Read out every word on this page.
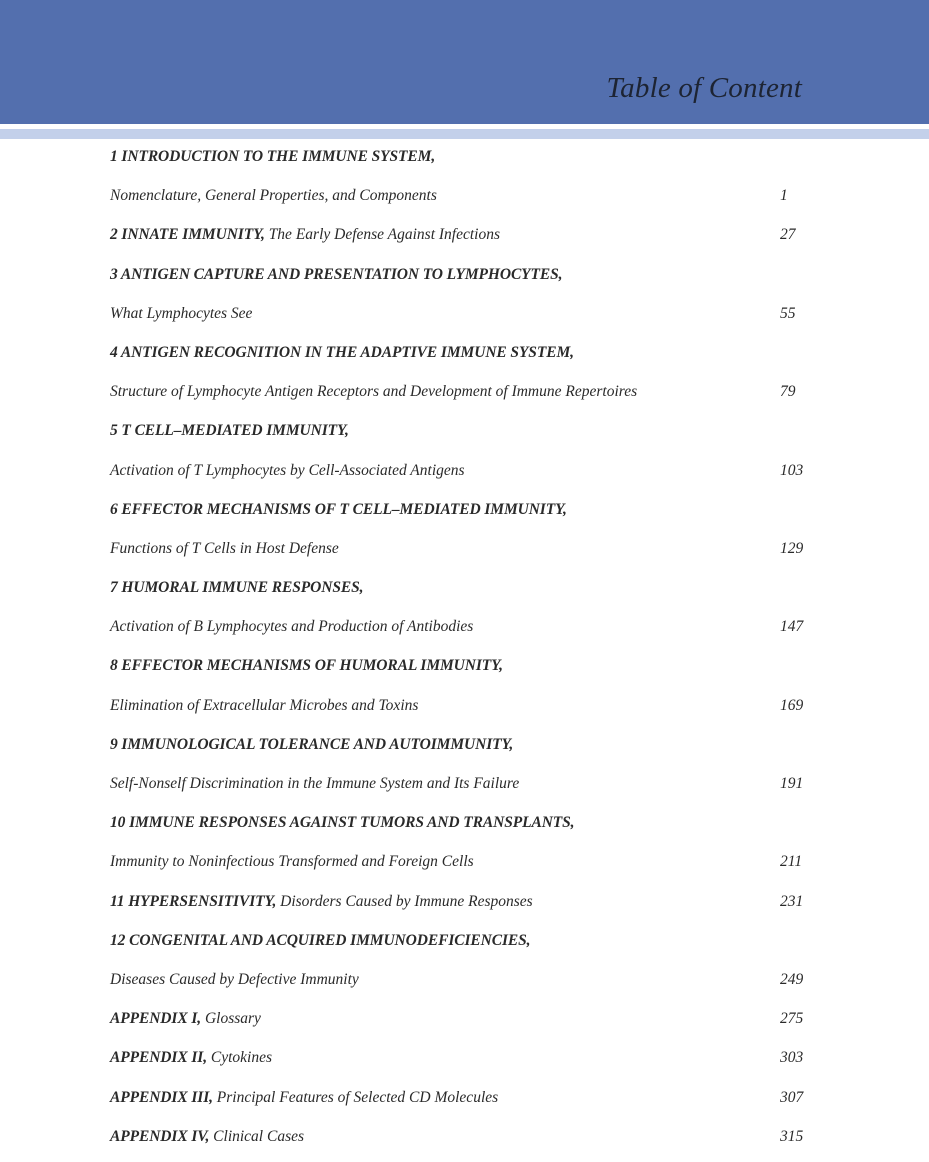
Table of Content
1 INTRODUCTION TO THE IMMUNE SYSTEM,
Nomenclature, General Properties, and Components	1
2 INNATE IMMUNITY, The Early Defense Against Infections	27
3 ANTIGEN CAPTURE AND PRESENTATION TO LYMPHOCYTES,
What Lymphocytes See	55
4 ANTIGEN RECOGNITION IN THE ADAPTIVE IMMUNE SYSTEM,
Structure of Lymphocyte Antigen Receptors and Development of Immune Repertoires	79
5 T CELL–MEDIATED IMMUNITY,
Activation of T Lymphocytes by Cell-Associated Antigens	103
6 EFFECTOR MECHANISMS OF T CELL–MEDIATED IMMUNITY,
Functions of T Cells in Host Defense	129
7 HUMORAL IMMUNE RESPONSES,
Activation of B Lymphocytes and Production of Antibodies	147
8 EFFECTOR MECHANISMS OF HUMORAL IMMUNITY,
Elimination of Extracellular Microbes and Toxins	169
9 IMMUNOLOGICAL TOLERANCE AND AUTOIMMUNITY,
Self-Nonself Discrimination in the Immune System and Its Failure	191
10 IMMUNE RESPONSES AGAINST TUMORS AND TRANSPLANTS,
Immunity to Noninfectious Transformed and Foreign Cells	211
11 HYPERSENSITIVITY, Disorders Caused by Immune Responses	231
12 CONGENITAL AND ACQUIRED IMMUNODEFICIENCIES,
Diseases Caused by Defective Immunity	249
APPENDIX I, Glossary	275
APPENDIX II, Cytokines	303
APPENDIX III, Principal Features of Selected CD Molecules	307
APPENDIX IV, Clinical Cases	315
